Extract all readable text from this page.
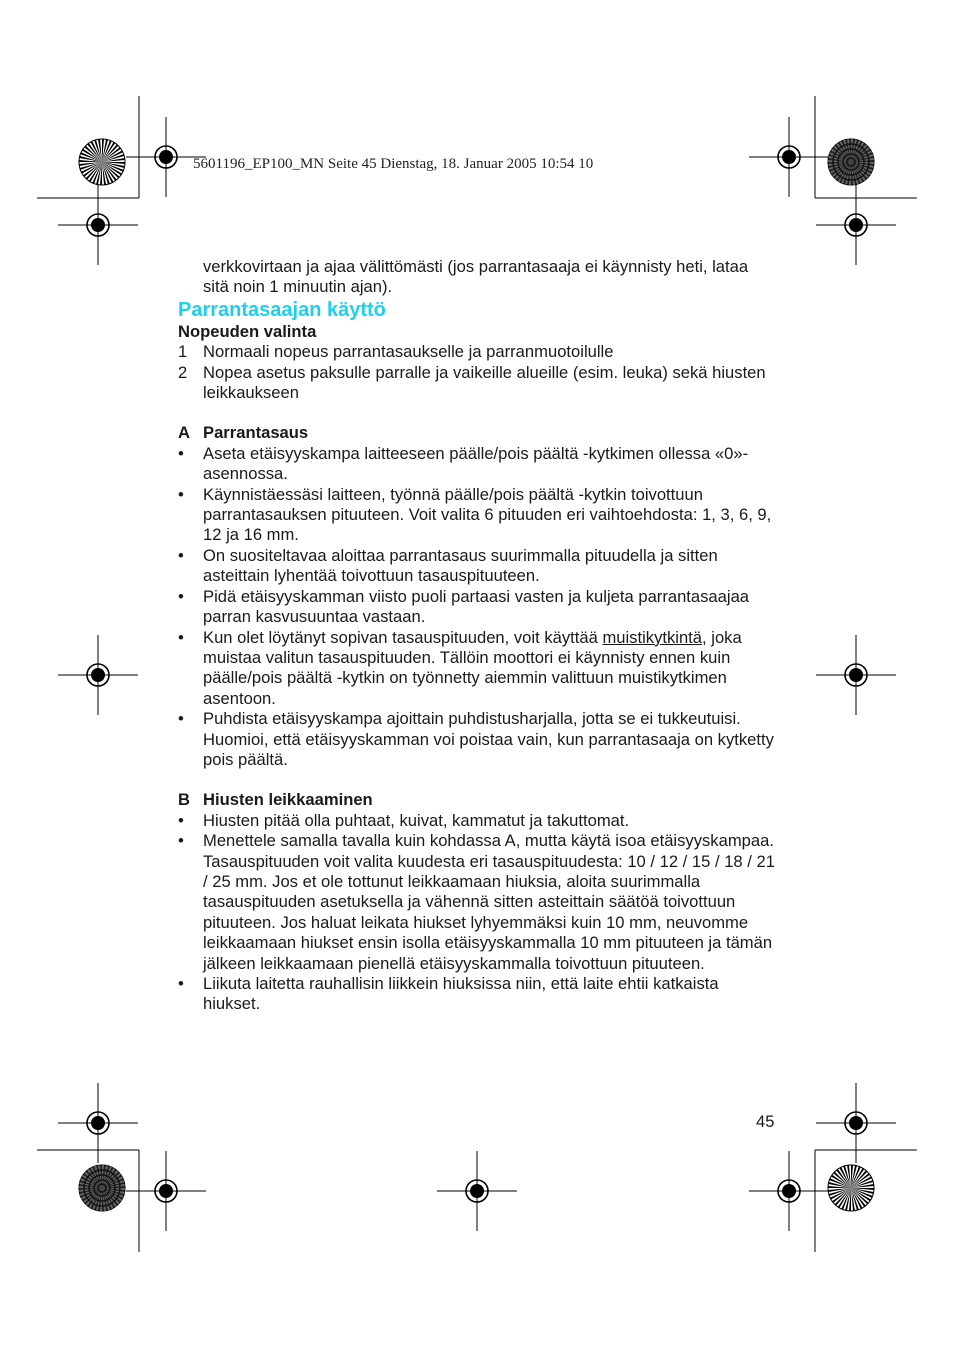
5601196_EP100_MN Seite 45 Dienstag, 18. Januar 2005 10:54 10

verkkovirtaan ja ajaa välittömästi (jos parrantasaaja ei käynnisty heti, lataa sitä noin 1 minuutin ajan).

Parrantasaajan käyttö

Nopeuden valinta

1 Normaali nopeus parrantasaukselle ja parranmuotoilulle
2 Nopea asetus paksulle parralle ja vaikeille alueille (esim. leuka) sekä hiusten leikkaukseen
A Parrantasaus
•	Aseta etäisyyskampa laitteeseen päälle/pois päältä -kytkimen ollessa «0»-asennossa.
•	Käynnistäessäsi laitteen, työnnä päälle/pois päältä -kytkin toivottuun parrantasauksen pituuteen. Voit valita 6 pituuden eri vaihtoehdosta: 1, 3, 6, 9, 12 ja 16 mm.
•	On suositeltavaa aloittaa parrantasaus suurimmalla pituudella ja sitten asteittain lyhentää toivottuun tasauspituuteen.
•	Pidä etäisyyskamman viisto puoli partaasi vasten ja kuljeta parrantasaajaa parran kasvusuuntaa vastaan.
•	Kun olet löytänyt sopivan tasauspituuden, voit käyttää muistikytkintä, joka muistaa valitun tasauspituuden. Tällöin moottori ei käynnisty ennen kuin päälle/pois päältä -kytkin on työnnetty aiemmin valittuun muistikytkimen asentoon.
•	Puhdista etäisyyskampa ajoittain puhdistusharjalla, jotta se ei tukkeutuisi. Huomioi, että etäisyyskamman voi poistaa vain, kun parrantasaaja on kytketty pois päältä.
B Hiusten leikkaaminen
•	Hiusten pitää olla puhtaat, kuivat, kammatut ja takuttomat.
•	Menettele samalla tavalla kuin kohdassa A, mutta käytä isoa etäisyyskampaa. Tasauspituuden voit valita kuudesta eri tasauspituudesta: 10 / 12 / 15 / 18 / 21 / 25 mm. Jos et ole tottunut leikkaamaan hiuksia, aloita suurimmalla tasauspituuden asetuksella ja vähennä sitten asteittain säätöä toivottuun pituuteen. Jos haluat leikata hiukset lyhyemmäksi kuin 10 mm, neuvomme leikkaamaan hiukset ensin isolla etäisyyskammalla 10 mm pituuteen ja tämän jälkeen leikkaamaan pienellä etäisyyskammalla toivottuun pituuteen.
•	Liikuta laitetta rauhallisin liikkein hiuksissa niin, että laite ehtii katkaista hiukset.
45
